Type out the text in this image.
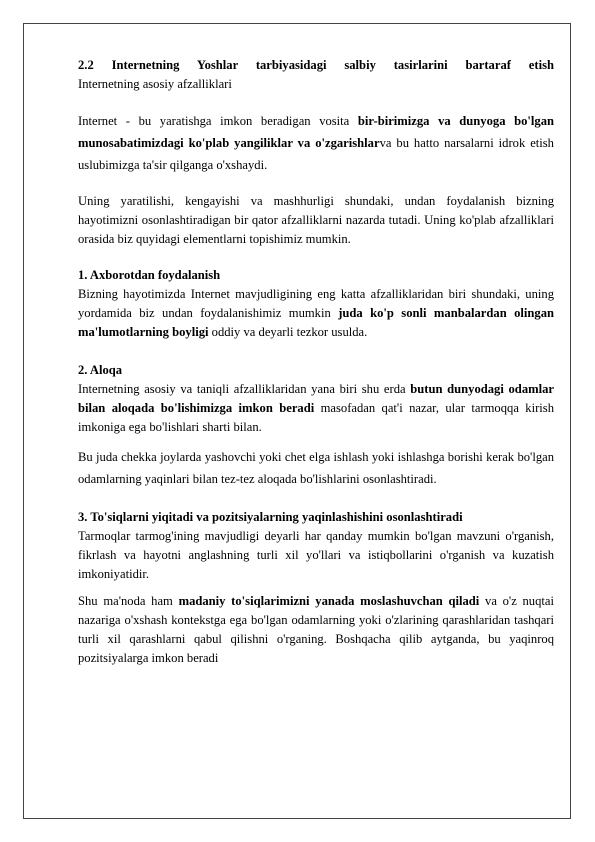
2.2 Internetning Yoshlar tarbiyasidagi salbiy tasirlarini bartaraf etish

Internetning asosiy afzalliklari

Internet - bu yaratishga imkon beradigan vosita bir-birimizga va dunyoga bo'lgan munosabatimizdagi ko'plab yangiliklar va o'zgarishlarva bu hatto narsalarni idrok etish uslubimizga ta'sir qilganga o'xshaydi.

Uning yaratilishi, kengayishi va mashhurligi shundaki, undan foydalanish bizning hayotimizni osonlashtiradigan bir qator afzalliklarni nazarda tutadi. Uning ko'plab afzalliklari orasida biz quyidagi elementlarni topishimiz mumkin.

1. Axborotdan foydalanish

Bizning hayotimizda Internet mavjudligining eng katta afzalliklaridan biri shundaki, uning yordamida biz undan foydalanishimiz mumkin juda ko'p sonli manbalardan olingan ma'lumotlarning boyligi oddiy va deyarli tezkor usulda.

2. Aloqa

Internetning asosiy va taniqli afzalliklaridan yana biri shu erda butun dunyodagi odamlar bilan aloqada bo'lishimizga imkon beradi masofadan qat'i nazar, ular tarmoqqa kirish imkoniga ega bo'lishlari sharti bilan.

Bu juda chekka joylarda yashovchi yoki chet elga ishlash yoki ishlashga borishi kerak bo'lgan odamlarning yaqinlari bilan tez-tez aloqada bo'lishlarini osonlashtiradi.

3. To'siqlarni yiqitadi va pozitsiyalarning yaqinlashishini osonlashtiradi

Tarmoqlar tarmog'ining mavjudligi deyarli har qanday mumkin bo'lgan mavzuni o'rganish, fikrlash va hayotni anglashning turli xil yo'llari va istiqbollarini o'rganish va kuzatish imkoniyatidir.

Shu ma'noda ham madaniy to'siqlarimizni yanada moslashuvchan qiladi va o'z nuqtai nazariga o'xshash kontekstga ega bo'lgan odamlarning yoki o'zlarining qarashlaridan tashqari turli xil qarashlarni qabul qilishni o'rganing. Boshqacha qilib aytganda, bu yaqinroq pozitsiyalarga imkon beradi
